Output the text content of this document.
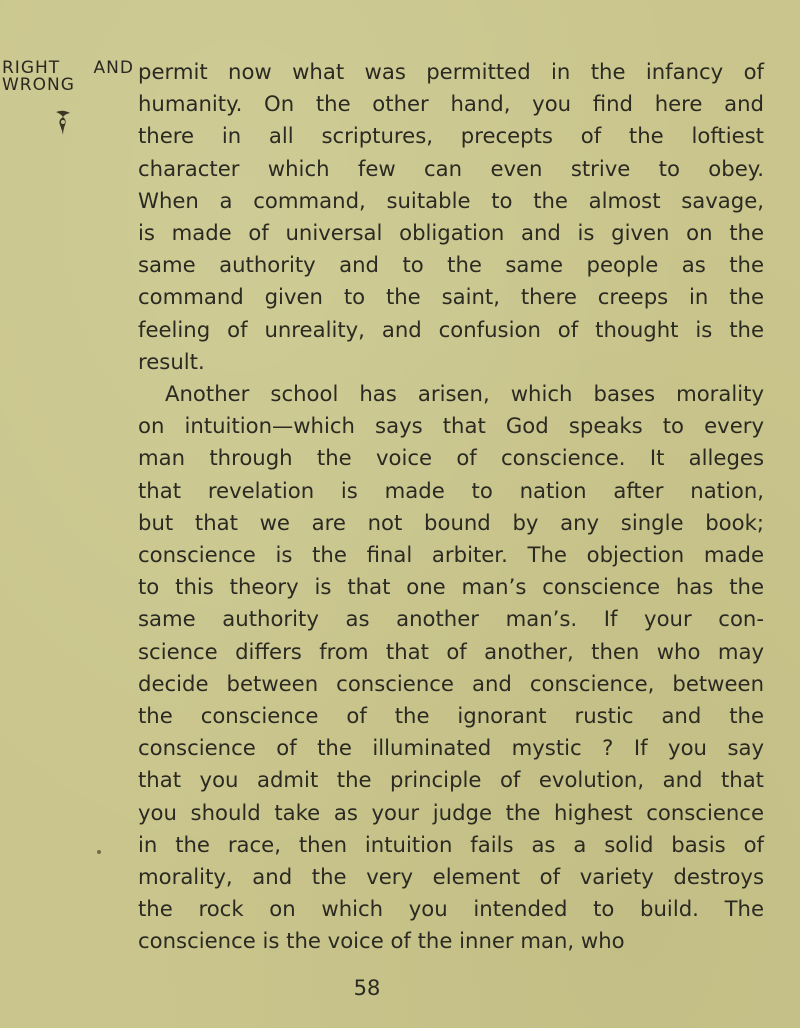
RIGHT AND
WRONG

permit now what was permitted in the infancy of
humanity. On the other hand, you find here and
there in all scriptures, precepts of the loftiest
character which few can even strive to obey.
When a command, suitable to the almost savage,
is made of universal obligation and is given on the
same authority and to the same people as the
command given to the saint, there creeps in the
feeling of unreality, and confusion of thought is the
result.

Another school has arisen, which bases morality
on intuition—which says that God speaks to every
man through the voice of conscience. It alleges
that revelation is made to nation after nation,
but that we are not bound by any single book;
conscience is the final arbiter. The objection made
to this theory is that one man’s conscience has the
same authority as another man’s. If your con-
science differs from that of another, then who may
decide between conscience and conscience, between
the conscience of the ignorant rustic and the
conscience of the illuminated mystic ? If you say
that you admit the principle of evolution, and that
you should take as your judge the highest conscience
in the race, then intuition fails as a solid basis of
morality, and the very element of variety destroys
the rock on which you intended to build. The
conscience is the voice of the inner man, who

58
